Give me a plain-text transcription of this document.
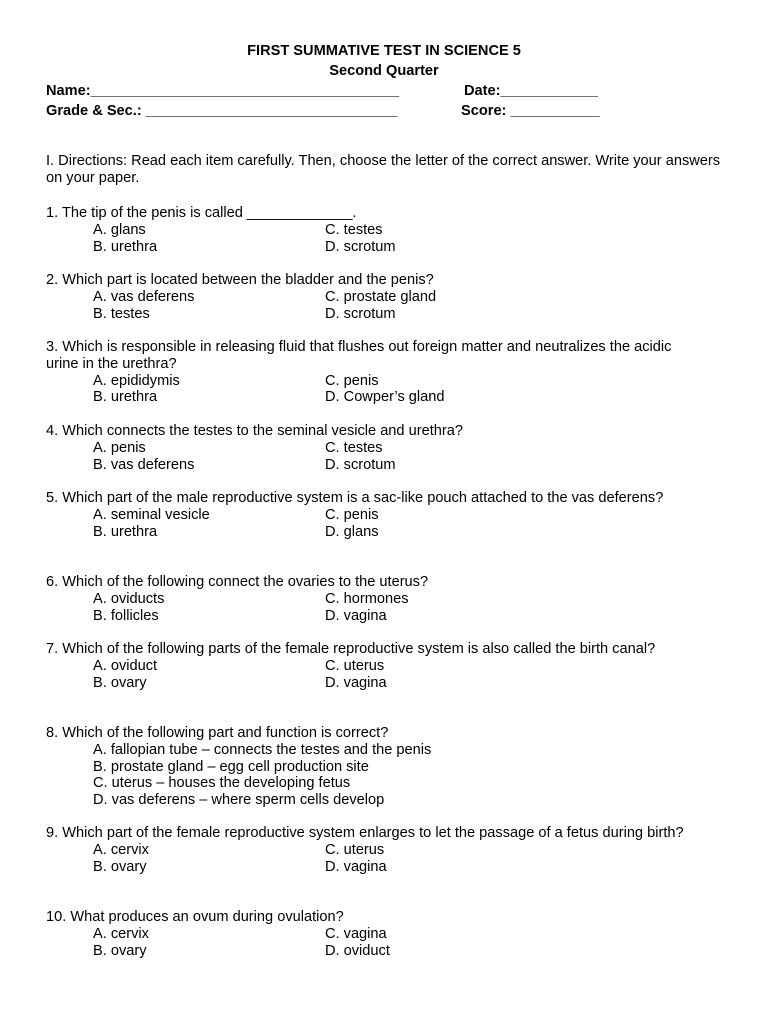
FIRST SUMMATIVE TEST IN SCIENCE 5
Second Quarter
Name:______________________________________	Date:____________
Grade & Sec.: _______________________________	Score: ___________
I. Directions: Read each item carefully. Then, choose the letter of the correct answer. Write your answers on your paper.
1. The tip of the penis is called _____________.
A. glans	C. testes
B. urethra	D. scrotum
2. Which part is located between the bladder and the penis?
A. vas deferens	C. prostate gland
B. testes	D. scrotum
3. Which is responsible in releasing fluid that flushes out foreign matter and neutralizes the acidic urine in the urethra?
A. epididymis	C. penis
B. urethra	D. Cowper’s gland
4. Which connects the testes to the seminal vesicle and urethra?
A. penis	C. testes
B. vas deferens	D. scrotum
5. Which part of the male reproductive system is a sac-like pouch attached to the vas deferens?
A. seminal vesicle	C. penis
B. urethra	D. glans
6. Which of the following connect the ovaries to the uterus?
A. oviducts	C. hormones
B. follicles	D. vagina
7. Which of the following parts of the female reproductive system is also called the birth canal?
A. oviduct	C. uterus
B. ovary	D. vagina
8. Which of the following part and function is correct?
A. fallopian tube – connects the testes and the penis
B. prostate gland – egg cell production site
C. uterus – houses the developing fetus
D. vas deferens – where sperm cells develop
9. Which part of the female reproductive system enlarges to let the passage of a fetus during birth?
A. cervix	C. uterus
B. ovary	D. vagina
10. What produces an ovum during ovulation?
A. cervix	C. vagina
B. ovary	D. oviduct
